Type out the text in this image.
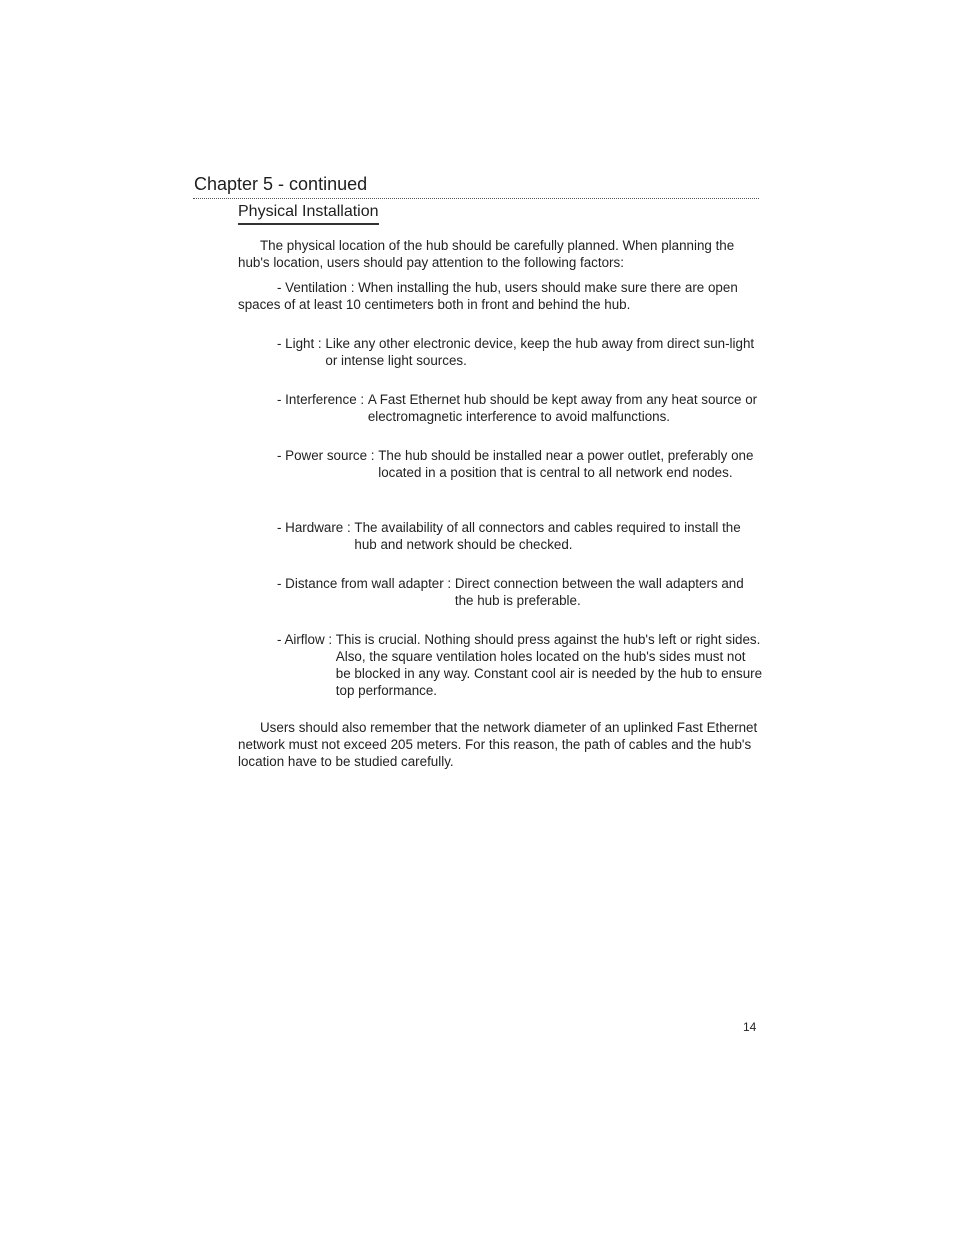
Chapter 5 - continued
Physical Installation

The physical location of the hub should be carefully planned. When planning the hub's location, users should pay attention to the following factors:

- Ventilation : When installing the hub, users should make sure there are open spaces of at least 10 centimeters both in front and behind the hub.

- Light : Like any other electronic device, keep the hub away from direct sun-light or intense light sources.
- Interference : A Fast Ethernet hub should be kept away from any heat source or electromagnetic interference to avoid malfunctions.
- Power source : The hub should be installed near a power outlet, preferably one located in a position that is central to all network end nodes.
- Hardware : The availability of all connectors and cables required to install the hub and network should be checked.
- Distance from wall adapter : Direct connection between the wall adapters and the hub is preferable.
- Airflow : This is crucial. Nothing should press against the hub's left or right sides. Also, the square ventilation holes located on the hub's sides must not be blocked in any way. Constant cool air is needed by the hub to ensure top performance.

Users should also remember that the network diameter of an uplinked Fast Ethernet network must not exceed 205 meters. For this reason, the path of cables and the hub's location have to be studied carefully.

14
